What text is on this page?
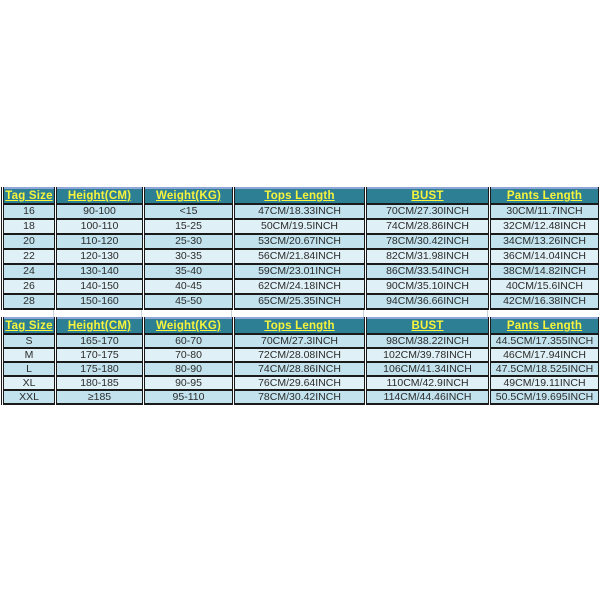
Tag Size	Height(CM)	Weight(KG)	Tops Length	BUST	Pants Length
16	90-100	<15	47CM/18.33INCH	70CM/27.30INCH	30CM/11.7INCH
18	100-110	15-25	50CM/19.5INCH	74CM/28.86INCH	32CM/12.48INCH
20	110-120	25-30	53CM/20.67INCH	78CM/30.42INCH	34CM/13.26INCH
22	120-130	30-35	56CM/21.84INCH	82CM/31.98INCH	36CM/14.04INCH
24	130-140	35-40	59CM/23.01INCH	86CM/33.54INCH	38CM/14.82INCH
26	140-150	40-45	62CM/24.18INCH	90CM/35.10INCH	40CM/15.6INCH
28	150-160	45-50	65CM/25.35INCH	94CM/36.66INCH	42CM/16.38INCH
Tag Size	Height(CM)	Weight(KG)	Tops Length	BUST	Pants Length
S	165-170	60-70	70CM/27.3INCH	98CM/38.22INCH	44.5CM/17.355INCH
M	170-175	70-80	72CM/28.08INCH	102CM/39.78INCH	46CM/17.94INCH
L	175-180	80-90	74CM/28.86INCH	106CM/41.34INCH	47.5CM/18.525INCH
XL	180-185	90-95	76CM/29.64INCH	110CM/42.9INCH	49CM/19.11INCH
XXL	≥185	95-110	78CM/30.42INCH	114CM/44.46INCH	50.5CM/19.695INCH
